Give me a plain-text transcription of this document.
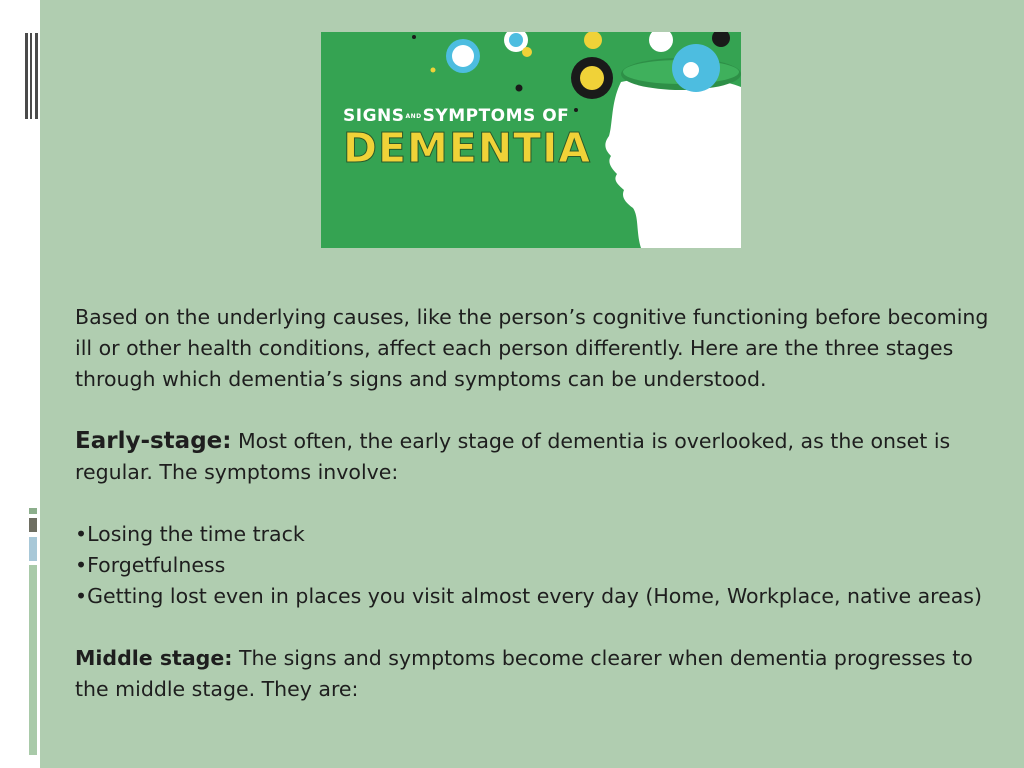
SIGNSANDSYMPTOMS OF
DEMENTIA

Based on the underlying causes, like the person’s cognitive functioning before becoming ill or other health conditions, affect each person differently. Here are the three stages through which dementia’s signs and symptoms can be understood.

Early-stage: Most often, the early stage of dementia is overlooked, as the onset is regular. The symptoms involve:

•Losing the time track

•Forgetfulness

•Getting lost even in places you visit almost every day (Home, Workplace, native areas)

Middle stage: The signs and symptoms become clearer when dementia progresses to the middle stage. They are:
